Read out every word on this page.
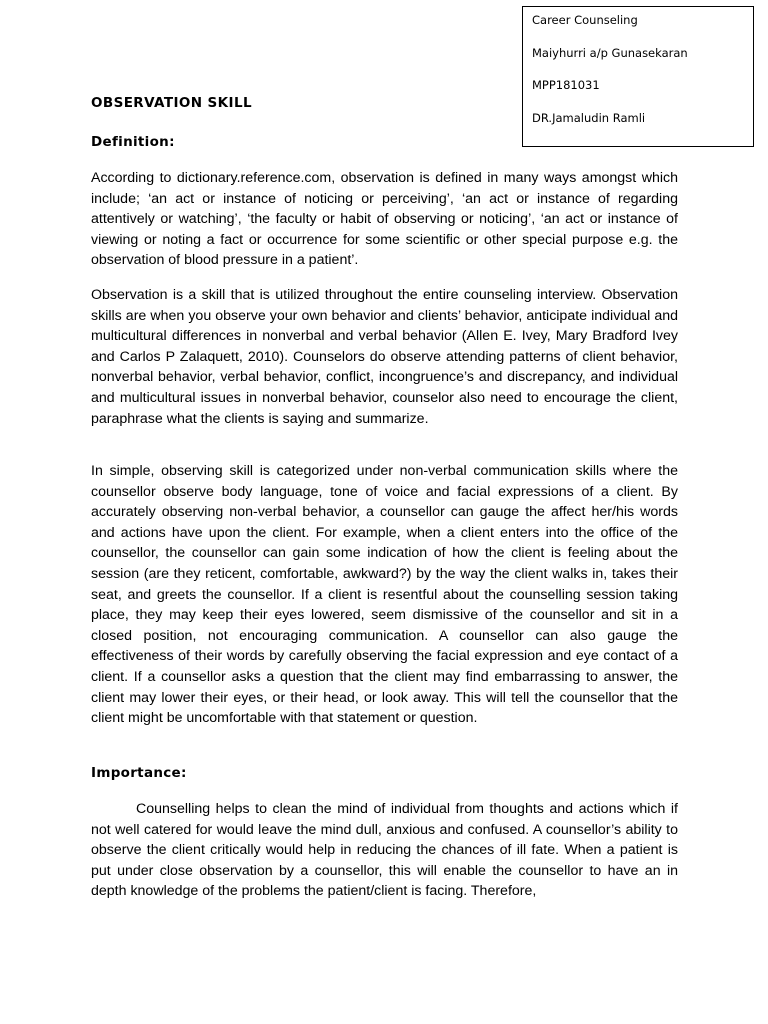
Career Counseling
Maiyhurri a/p Gunasekaran
MPP181031
DR.Jamaludin Ramli
OBSERVATION SKILL
Definition:

According to dictionary.reference.com, observation is defined in many ways amongst which include; ‘an act or instance of noticing or perceiving’, ‘an act or instance of regarding attentively or watching’, ‘the faculty or habit of observing or noticing’, ‘an act or instance of viewing or noting a fact or occurrence for some scientific or other special purpose e.g. the observation of blood pressure in a patient’.

Observation is a skill that is utilized throughout the entire counseling interview. Observation skills are when you observe your own behavior and clients’ behavior, anticipate individual and multicultural differences in nonverbal and verbal behavior (Allen E. Ivey, Mary Bradford Ivey and Carlos P Zalaquett, 2010). Counselors do observe attending patterns of client behavior, nonverbal behavior, verbal behavior, conflict, incongruence’s and discrepancy, and individual and multicultural issues in nonverbal behavior, counselor also need to encourage the client, paraphrase what the clients is saying and summarize.

In simple, observing skill is categorized under non-verbal communication skills where the counsellor observe body language, tone of voice and facial expressions of a client. By accurately observing non-verbal behavior, a counsellor can gauge the affect her/his words and actions have upon the client. For example, when a client enters into the office of the counsellor, the counsellor can gain some indication of how the client is feeling about the session (are they reticent, comfortable, awkward?) by the way the client walks in, takes their seat, and greets the counsellor. If a client is resentful about the counselling session taking place, they may keep their eyes lowered, seem dismissive of the counsellor and sit in a closed position, not encouraging communication. A counsellor can also gauge the effectiveness of their words by carefully observing the facial expression and eye contact of a client. If a counsellor asks a question that the client may find embarrassing to answer, the client may lower their eyes, or their head, or look away. This will tell the counsellor that the client might be uncomfortable with that statement or question.

Importance:

Counselling helps to clean the mind of individual from thoughts and actions which if not well catered for would leave the mind dull, anxious and confused. A counsellor’s ability to observe the client critically would help in reducing the chances of ill fate. When a patient is put under close observation by a counsellor, this will enable the counsellor to have an in depth knowledge of the problems the patient/client is facing. Therefore,
